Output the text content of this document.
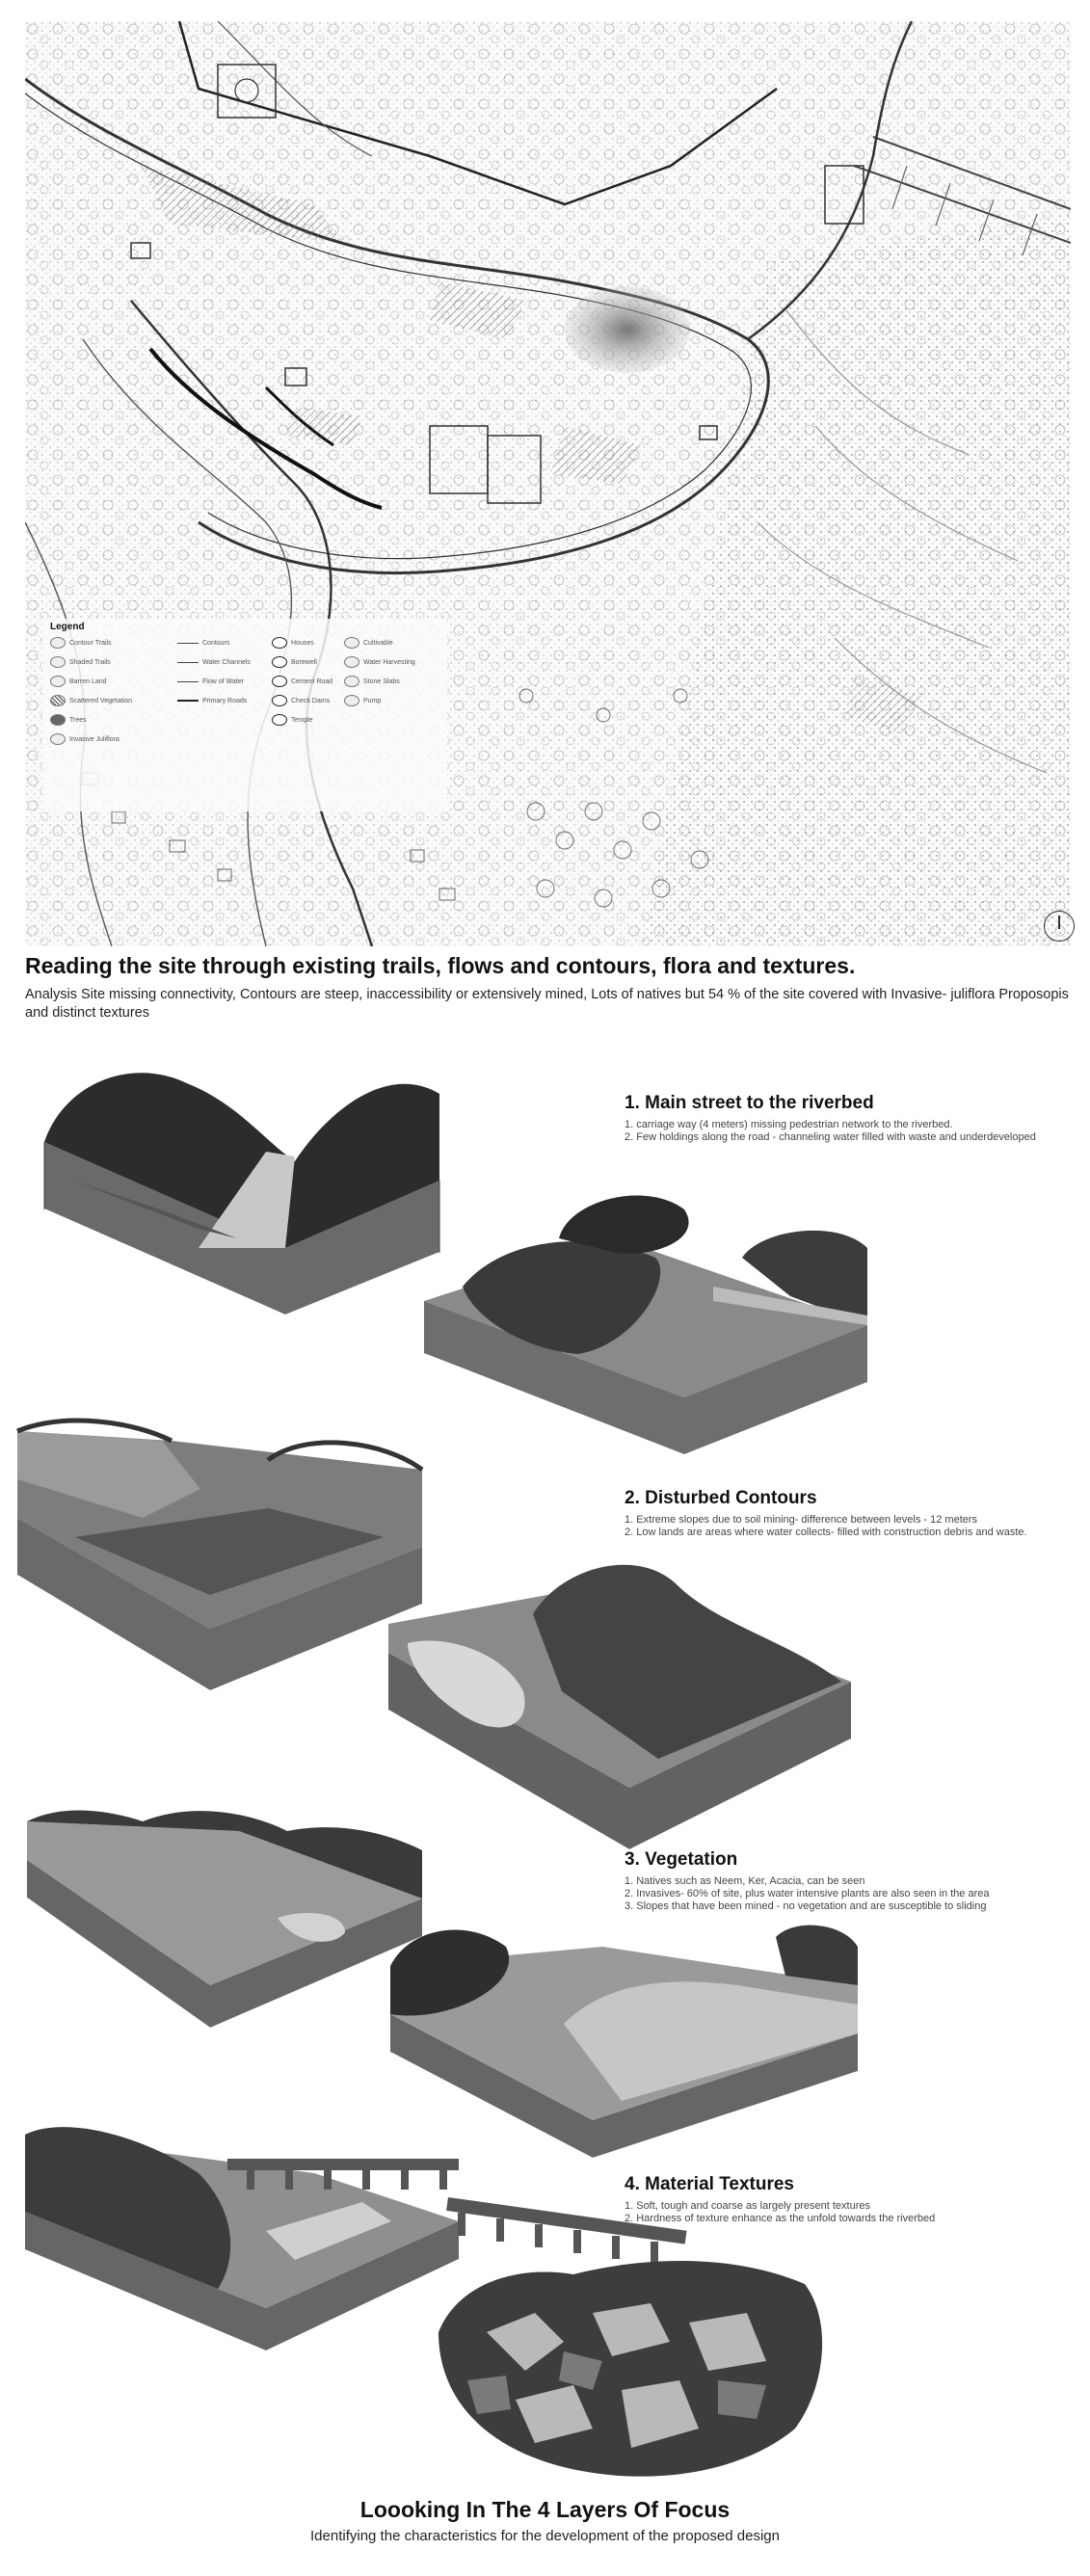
Legend
Contour Trails
Shaded Trails
Barren Land
Scattered Vegetation
Trees
Invasive Juliflora
Contours
Water Channels
Flow of Water
Primary Roads
Houses
Borewell
Cement Road
Check Dams
Temple
Cultivable
Water Harvesting
Stone Slabs
Pump
Reading the site through existing trails, flows and contours, flora and textures.
Analysis Site missing connectivity, Contours are steep, inaccessibility or extensively mined, Lots of natives but 54 % of the site covered with Invasive- juliflora Proposopis and distinct textures
1. Main street to the riverbed

1. carriage way (4 meters) missing pedestrian network to the riverbed.

2. Few holdings along the road - channeling water filled with waste and underdeveloped

2. Disturbed Contours

1. Extreme slopes due to soil mining- difference between levels - 12 meters

2. Low lands are areas where water collects- filled with construction debris and waste.

3. Vegetation

1. Natives such as Neem, Ker, Acacia, can be seen

2. Invasives- 60% of site, plus water intensive plants are also seen in the area

3. Slopes that have been mined - no vegetation and are susceptible to sliding

4. Material Textures

1. Soft, tough and coarse as largely present textures

2. Hardness of texture enhance as the unfold towards the riverbed

Loooking In The 4 Layers Of Focus
Identifying the characteristics for the development of the proposed design
